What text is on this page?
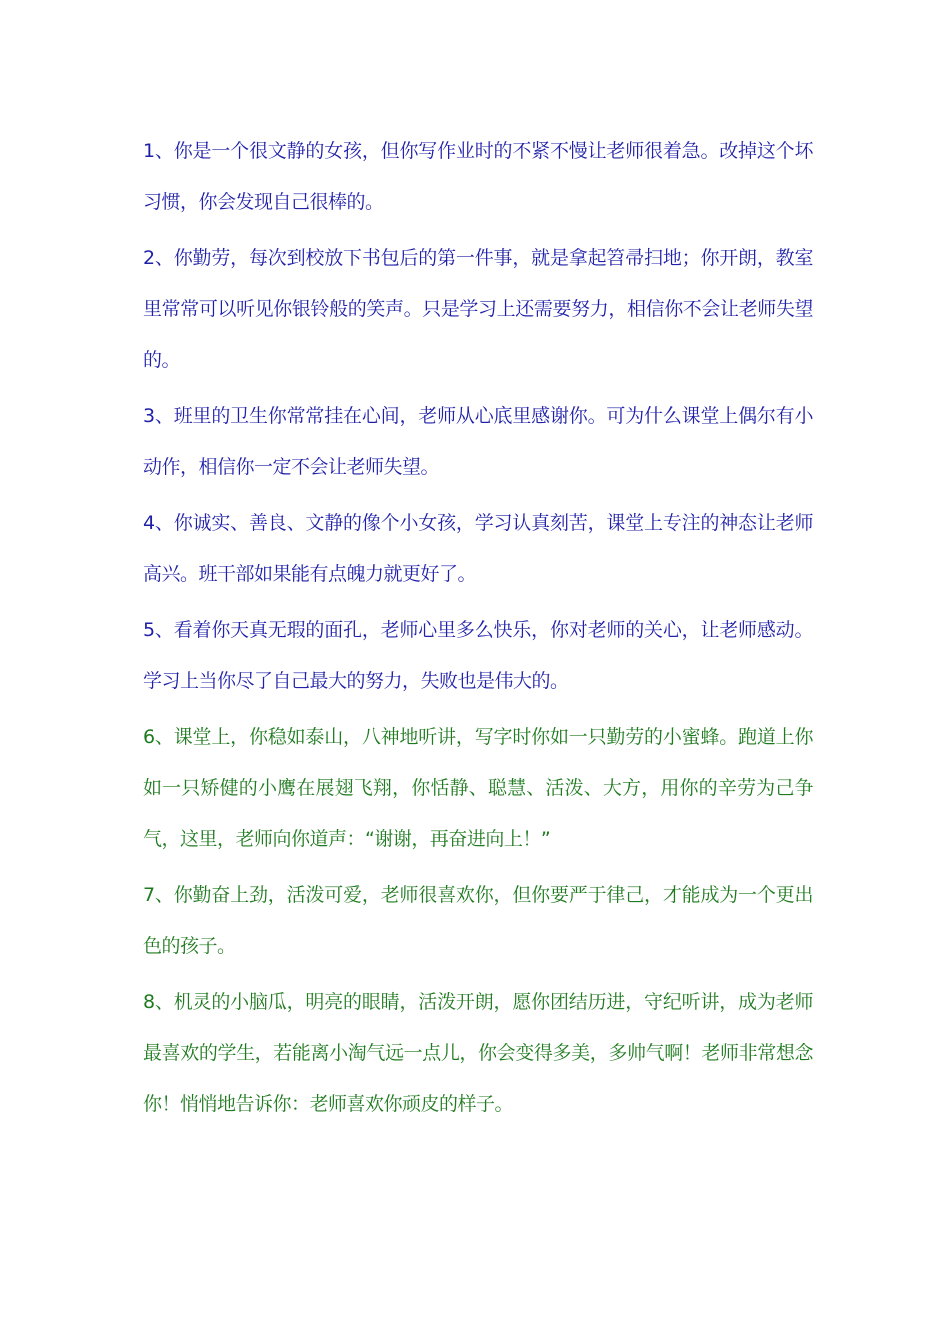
1、你是一个很文静的女孩，但你写作业时的不紧不慢让老师很着急。改掉这个坏习惯，你会发现自己很棒的。

2、你勤劳，每次到校放下书包后的第一件事，就是拿起笤帚扫地；你开朗，教室里常常可以听见你银铃般的笑声。只是学习上还需要努力，相信你不会让老师失望的。

3、班里的卫生你常常挂在心间，老师从心底里感谢你。可为什么课堂上偶尔有小动作，相信你一定不会让老师失望。

4、你诚实、善良、文静的像个小女孩，学习认真刻苦，课堂上专注的神态让老师高兴。班干部如果能有点魄力就更好了。

5、看着你天真无瑕的面孔，老师心里多么快乐，你对老师的关心，让老师感动。学习上当你尽了自己最大的努力，失败也是伟大的。

6、课堂上，你稳如泰山，八神地听讲，写字时你如一只勤劳的小蜜蜂。跑道上你如一只矫健的小鹰在展翅飞翔，你恬静、聪慧、活泼、大方，用你的辛劳为己争气，这里，老师向你道声：“谢谢，再奋进向上！”

7、你勤奋上劲，活泼可爱，老师很喜欢你，但你要严于律己，才能成为一个更出色的孩子。

8、机灵的小脑瓜，明亮的眼睛，活泼开朗，愿你团结历进，守纪听讲，成为老师最喜欢的学生，若能离小淘气远一点儿，你会变得多美，多帅气啊！老师非常想念你！悄悄地告诉你：老师喜欢你顽皮的样子。
